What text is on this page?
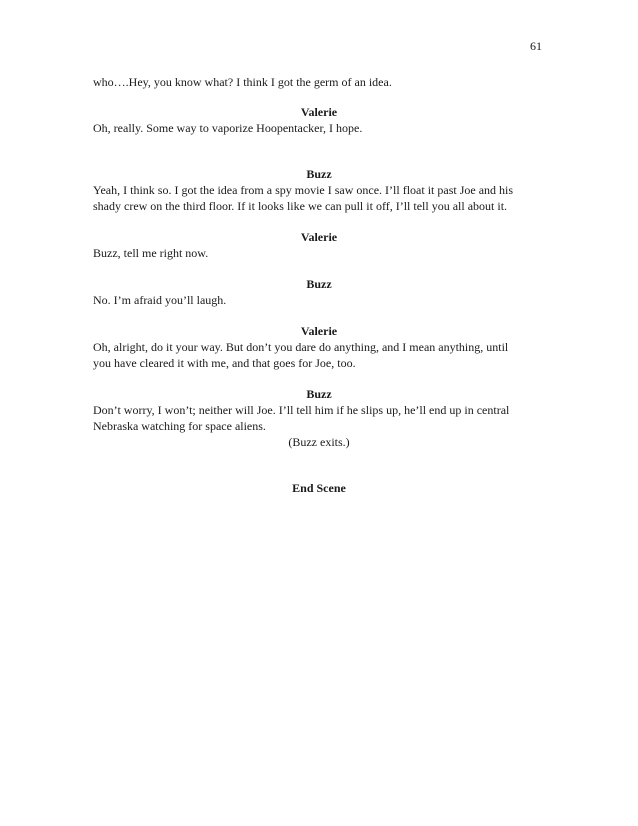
61

who….Hey, you know what? I think I got the germ of an idea.

Valerie

Oh, really. Some way to vaporize Hoopentacker, I hope.

Buzz

Yeah, I think so. I got the idea from a spy movie I saw once. I’ll float it past Joe and his

shady crew on the third floor. If it looks like we can pull it off, I’ll tell you all about it.

Valerie

Buzz, tell me right now.

Buzz

No. I’m afraid you’ll laugh.

Valerie

Oh, alright, do it your way. But don’t you dare do anything, and I mean anything, until

you have cleared it with me, and that goes for Joe, too.

Buzz

Don’t worry, I won’t; neither will Joe. I’ll tell him if he slips up, he’ll end up in central

Nebraska watching for space aliens.

(Buzz exits.)

End Scene
